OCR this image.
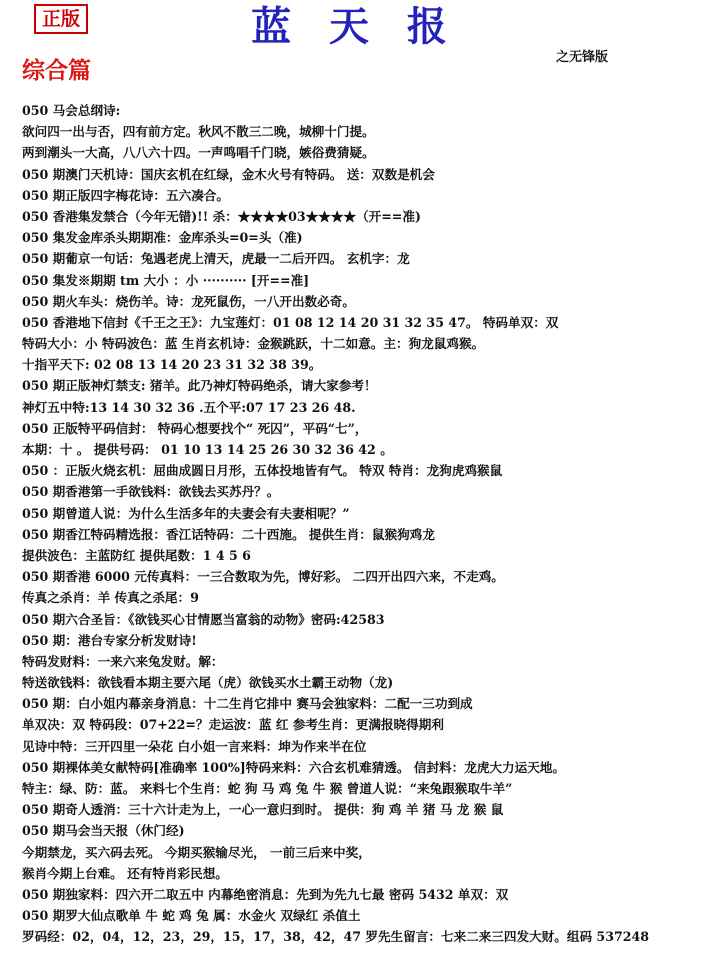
正版	蓝 天 报
之无锋版
综合篇
050 马会总纲诗:
欲问四一出与否，四有前方定。秋风不散三二晚，城柳十门提。
两到潮头一大高，八八六十四。一声鸣唱千门晓，嫉俗费猜疑。
050 期澳门天机诗：国庆玄机在红绿，金木火号有特码。 送：双数是机会
050 期正版四字梅花诗：五六凑合。
050 香港集发禁合（今年无错)!! 杀：★★★★03★★★★（开==准)
050 集发金库杀头期期准：金库杀头=0=头（准)
050 期葡京一句话：兔遇老虎上清天，虎最一二后开四。 玄机字：龙
050 集发※期期 tm 大小 ：小 ·········· [开==准]
050 期火车头：烧伤羊。诗：龙死鼠伤，一八开出数必奇。
050 香港地下信封《千王之王》：九宝莲灯：01 08 12 14 20 31 32 35 47。 特码单双：双
特码大小：小 特码波色：蓝 生肖玄机诗：金猴跳跃，十二如意。主：狗龙鼠鸡猴。
十指平天下: 02 08 13 14 20 23 31 32 38 39。
050 期正版神灯禁支: 猪羊。此乃神灯特码绝杀，请大家参考！
神灯五中特:13 14 30 32 36 .五个平:07 17 23 26 48.
050 正版特平码信封： 特码心想要找个“ 死囚”，平码“七”，
本期：十 。 提供号码： 01 10 13 14 25 26 30 32 36 42 。
050 ：正版火烧玄机：屈曲成圆日月形，五体投地皆有气。 特双 特肖：龙狗虎鸡猴鼠
050 期香港第一手欲钱料：欲钱去买苏丹？。
050 期曾道人说：为什么生活多年的夫妻会有夫妻相呢？”
050 期香江特码精选报：香江话特码：二十西施。 提供生肖：鼠猴狗鸡龙
提供波色：主蓝防红 提供尾数：1 4 5 6
050 期香港 6000 元传真料：一三合数取为先，博好彩。 二四开出四六来，不走鸡。
传真之杀肖：羊 传真之杀尾：9
050 期六合圣旨：《欲钱买心甘情愿当富翁的动物》密码:42583
050 期：港台专家分析发财诗!
特码发财料：一来六来兔发财。解：
特送欲钱料：欲钱看本期主要六尾（虎）欲钱买水土霸王动物（龙)
050 期：白小姐内幕亲身消息：十二生肖它排中 赛马会独家料：二配一三功到成
单双决：双 特码段：07+22=？走运波：蓝 红 参考生肖：更满报晓得期利
见诗中特：三开四里一朵花 白小姐一言来料：坤为作来半在位
050 期裸体美女献特码[准确率 100%]特码来料：六合玄机难猜透。 信封料：龙虎大力运天地。
特主：绿、防：蓝。 来料七个生肖：蛇 狗 马 鸡 兔 牛 猴 曾道人说：“来兔跟猴取牛羊”
050 期奇人透消：三十六计走为上，一心一意归到时。 提供：狗 鸡 羊 猪 马 龙 猴 鼠
050 期马会当天报（休门经)
今期禁龙，买六码去死。 今期买猴输尽光， 一前三后来中奖，
猴肖今期上台难。 还有特肖彩民想。
050 期独家料：四六开二取五中 内幕绝密消息：先到为先九七最 密码 5432 单双：双
050 期罗大仙点歌单 牛 蛇 鸡 兔 属：水金火 双绿红 杀值土
罗码经：02，04，12，23，29，15，17，38，42，47 罗先生留言：七来二来三四发大财。组码 537248
